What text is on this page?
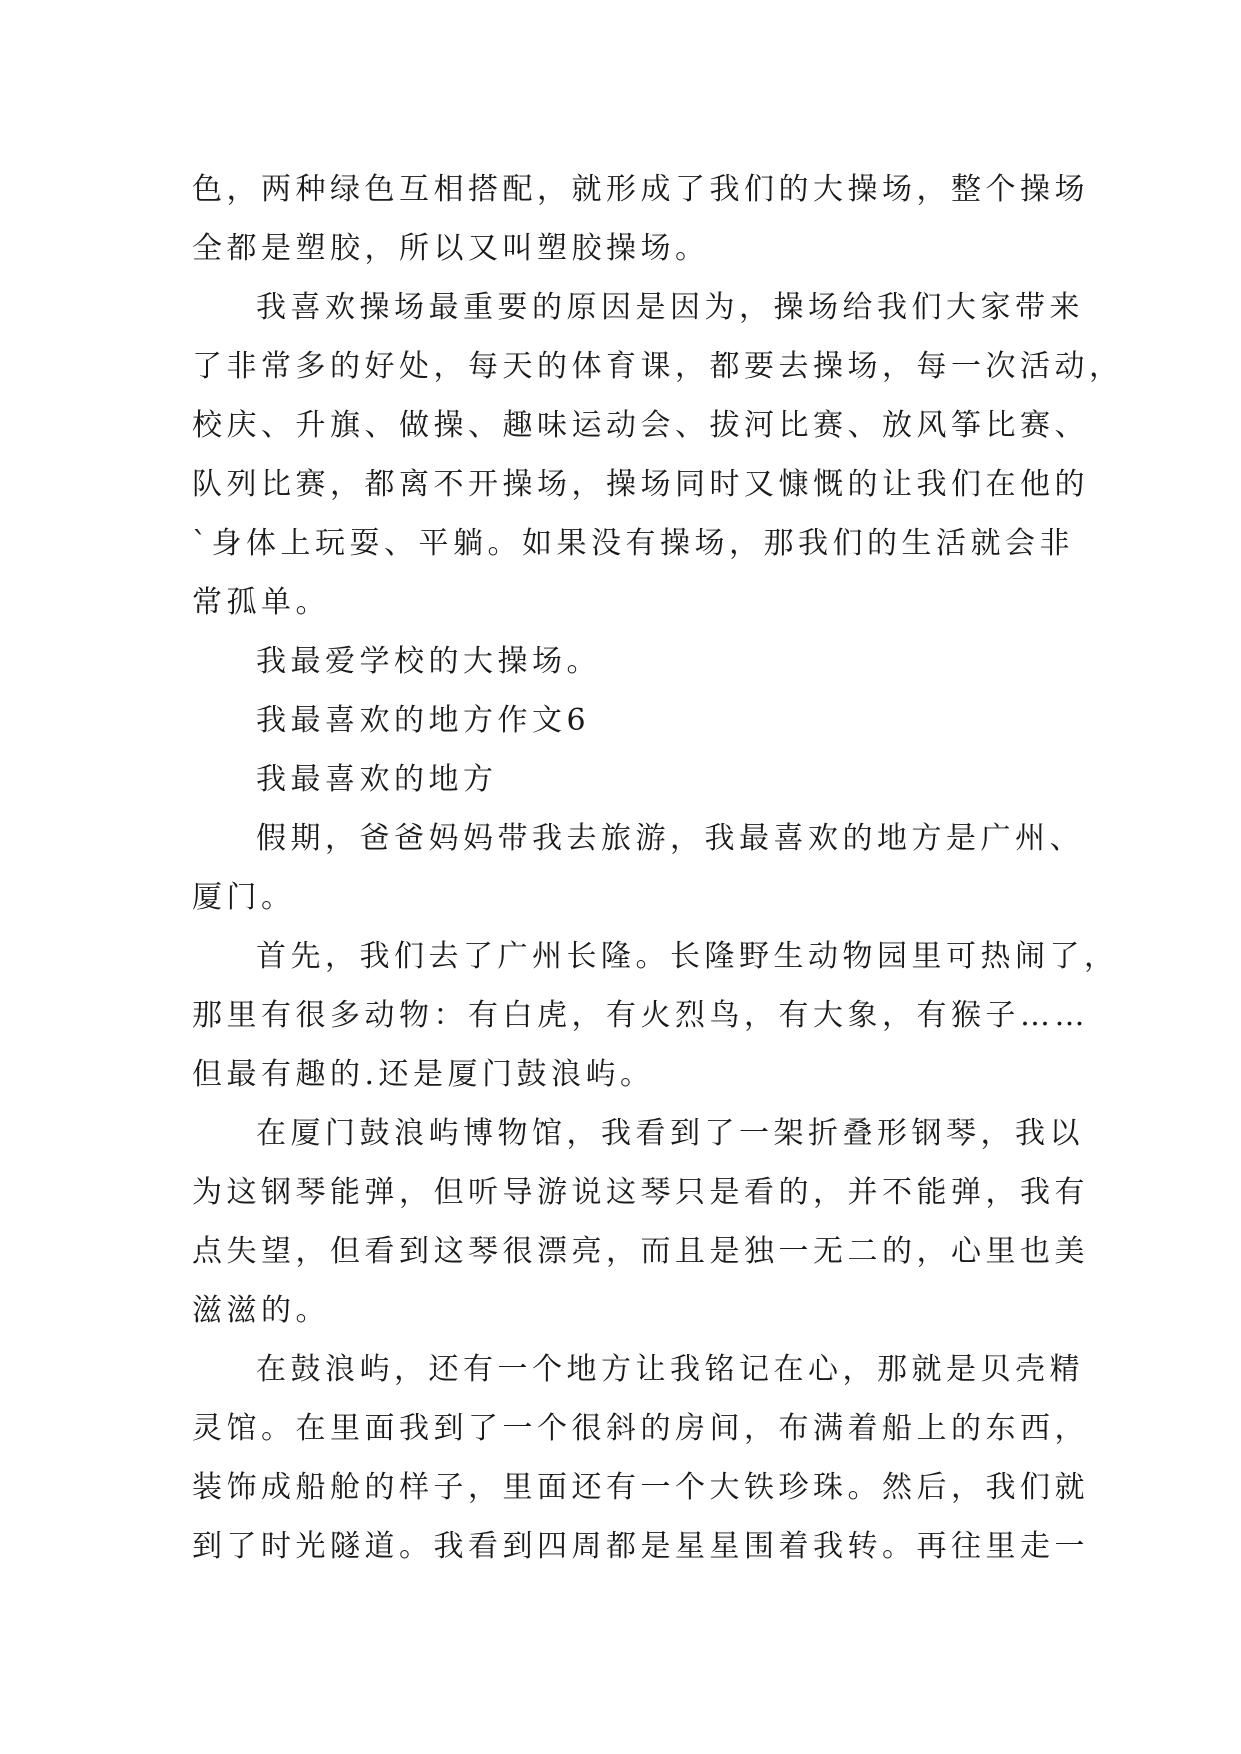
色，两种绿色互相搭配，就形成了我们的大操场，整个操场
全都是塑胶，所以又叫塑胶操场。
我喜欢操场最重要的原因是因为，操场给我们大家带来
了非常多的好处，每天的体育课，都要去操场，每一次活动，
校庆、升旗、做操、趣味运动会、拔河比赛、放风筝比赛、
队列比赛，都离不开操场，操场同时又慷慨的让我们在他的
`身体上玩耍、平躺。如果没有操场，那我们的生活就会非
常孤单。
我最爱学校的大操场。
我最喜欢的地方作文6
我最喜欢的地方
假期，爸爸妈妈带我去旅游，我最喜欢的地方是广州、
厦门。
首先，我们去了广州长隆。长隆野生动物园里可热闹了，
那里有很多动物：有白虎，有火烈鸟，有大象，有猴子……
但最有趣的.还是厦门鼓浪屿。
在厦门鼓浪屿博物馆，我看到了一架折叠形钢琴，我以
为这钢琴能弹，但听导游说这琴只是看的，并不能弹，我有
点失望，但看到这琴很漂亮，而且是独一无二的，心里也美
滋滋的。
在鼓浪屿，还有一个地方让我铭记在心，那就是贝壳精
灵馆。在里面我到了一个很斜的房间，布满着船上的东西，
装饰成船舱的样子，里面还有一个大铁珍珠。然后，我们就
到了时光隧道。我看到四周都是星星围着我转。再往里走一
